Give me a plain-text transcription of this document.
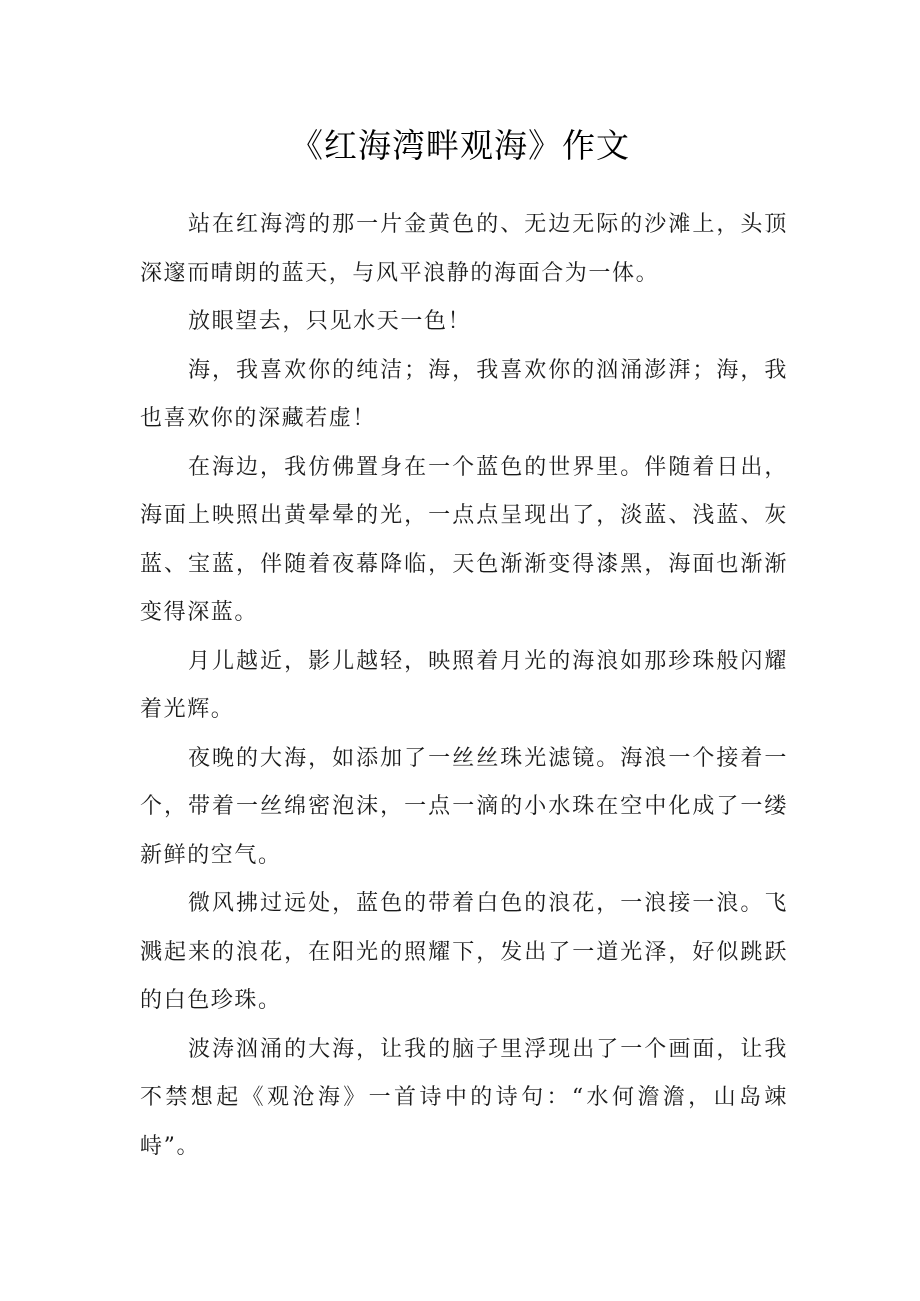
《红海湾畔观海》作文

站在红海湾的那一片金黄色的、无边无际的沙滩上，头顶深邃而晴朗的蓝天，与风平浪静的海面合为一体。

放眼望去，只见水天一色！

海，我喜欢你的纯洁；海，我喜欢你的汹涌澎湃；海，我也喜欢你的深藏若虚！

在海边，我仿佛置身在一个蓝色的世界里。伴随着日出，海面上映照出黄晕晕的光，一点点呈现出了，淡蓝、浅蓝、灰蓝、宝蓝，伴随着夜幕降临，天色渐渐变得漆黑，海面也渐渐变得深蓝。

月儿越近，影儿越轻，映照着月光的海浪如那珍珠般闪耀着光辉。

夜晚的大海，如添加了一丝丝珠光滤镜。海浪一个接着一个，带着一丝绵密泡沫，一点一滴的小水珠在空中化成了一缕新鲜的空气。

微风拂过远处，蓝色的带着白色的浪花，一浪接一浪。飞溅起来的浪花，在阳光的照耀下，发出了一道光泽，好似跳跃的白色珍珠。

波涛汹涌的大海，让我的脑子里浮现出了一个画面，让我不禁想起《观沧海》一首诗中的诗句：“水何澹澹，山岛竦峙”。
